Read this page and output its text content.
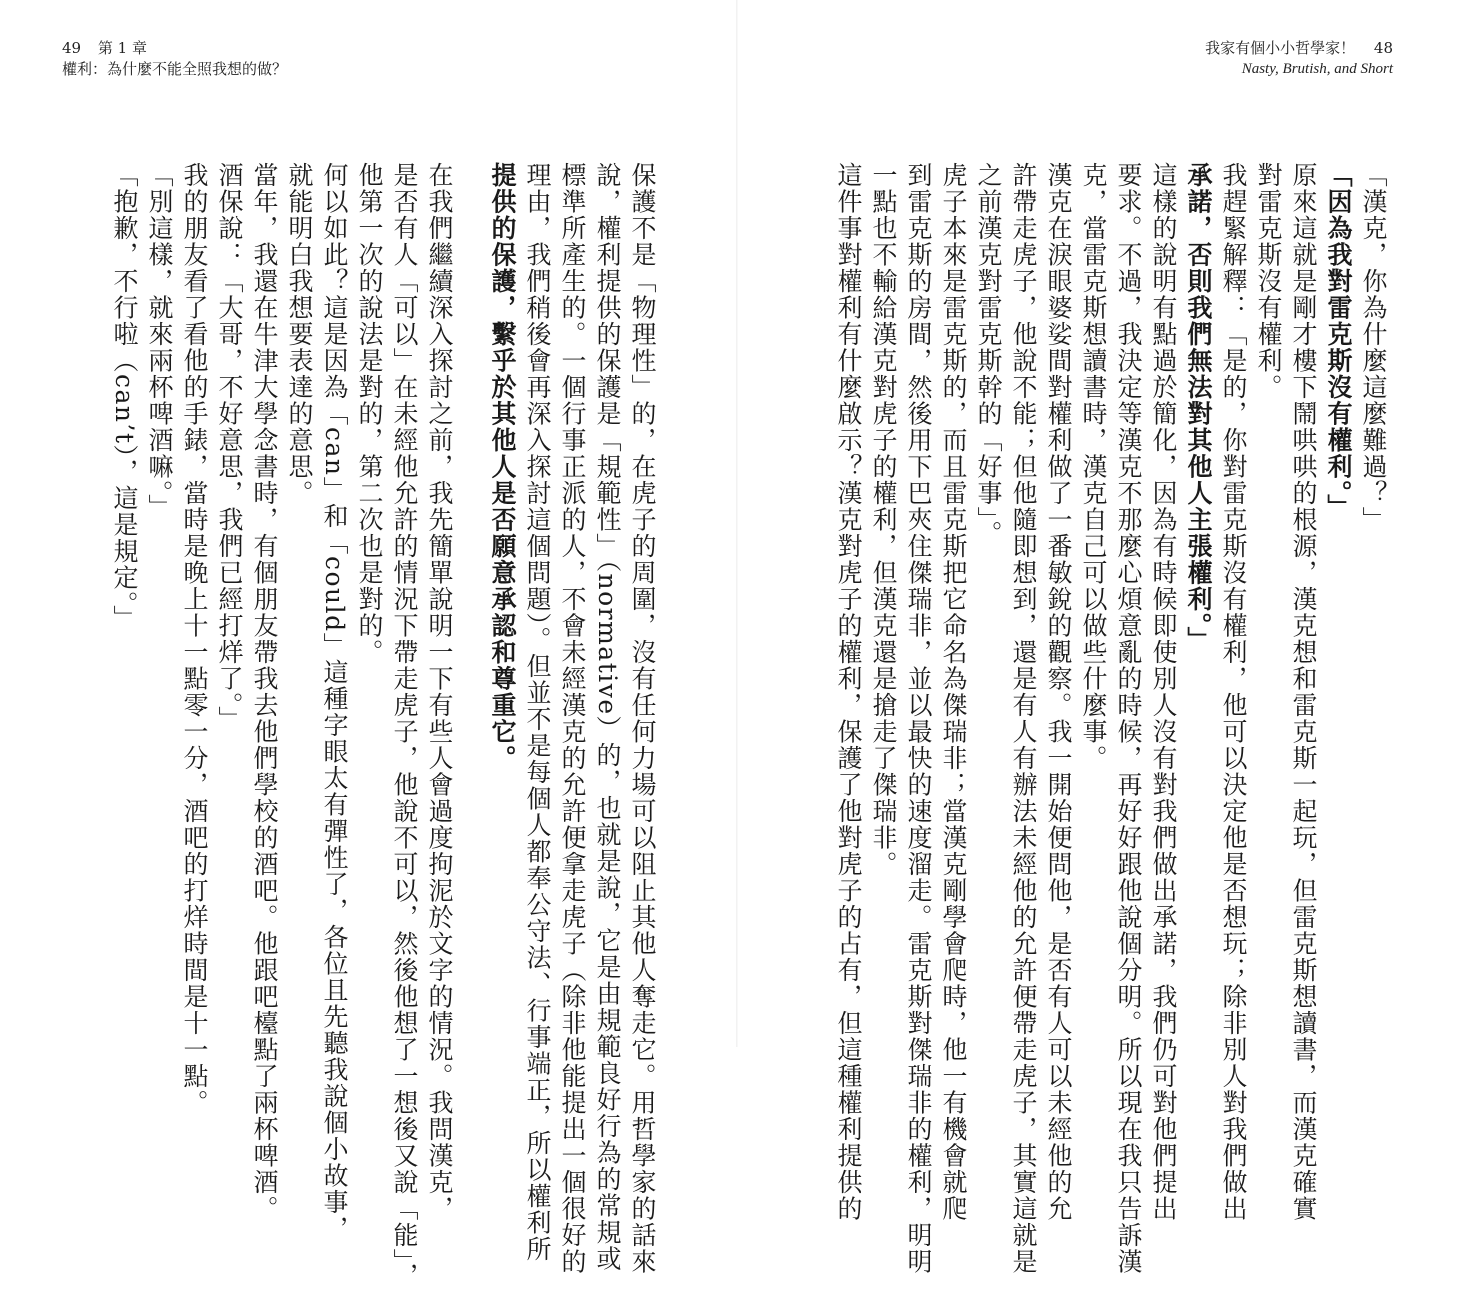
49 第 1 章
權利：為什麼不能全照我想的做？
我家有個小小哲學家！ 48
Nasty, Brutish, and Short

「漢克，你為什麼這麼難過？」

「因為我對雷克斯沒有權利。」

原來這就是剛才樓下鬧哄哄的根源，漢克想和雷克斯一起玩，但雷克斯想讀書，而漢克確實

對雷克斯沒有權利。

我趕緊解釋：「是的，你對雷克斯沒有權利，他可以決定他是否想玩；除非別人對我們做出

承諾，否則我們無法對其他人主張權利。」

這樣的說明有點過於簡化，因為有時候即使別人沒有對我們做出承諾，我們仍可對他們提出

要求。不過，我決定等漢克不那麼心煩意亂的時候，再好好跟他說個分明。所以現在我只告訴漢

克，當雷克斯想讀書時，漢克自己可以做些什麼事。

漢克在淚眼婆娑間對權利做了一番敏銳的觀察。我一開始便問他，是否有人可以未經他的允

許帶走虎子，他說不能；但他隨即想到，還是有人有辦法未經他的允許便帶走虎子，其實這就是

之前漢克對雷克斯幹的「好事」。

虎子本來是雷克斯的，而且雷克斯把它命名為傑瑞非；當漢克剛學會爬時，他一有機會就爬

到雷克斯的房間，然後用下巴夾住傑瑞非，並以最快的速度溜走。雷克斯對傑瑞非的權利，明明

一點也不輸給漢克對虎子的權利，但漢克還是搶走了傑瑞非。

這件事對權利有什麼啟示？漢克對虎子的權利，保護了他對虎子的占有，但這種權利提供的

保護不是「物理性」的，在虎子的周圍，沒有任何力場可以阻止其他人奪走它。用哲學家的話來

說，權利提供的保護是「規範性」（normative）的，也就是說，它是由規範良好行為的常規或

標準所產生的。一個行事正派的人，不會未經漢克的允許便拿走虎子（除非他能提出一個很好的

理由，我們稍後會再深入探討這個問題）。但並不是每個人都奉公守法、行事端正，所以權利所

提供的保護，繫乎於其他人是否願意承認和尊重它。

在我們繼續深入探討之前，我先簡單說明一下有些人會過度拘泥於文字的情況。我問漢克，

是否有人「可以」在未經他允許的情況下帶走虎子，他說不可以，然後他想了一想後又說「能」，

他第一次的說法是對的，第二次也是對的。

何以如此？這是因為「can」和「could」這種字眼太有彈性了，各位且先聽我說個小故事，

就能明白我想要表達的意思。

當年，我還在牛津大學念書時，有個朋友帶我去他們學校的酒吧。他跟吧檯點了兩杯啤酒。

酒保說：「大哥，不好意思，我們已經打烊了。」

我的朋友看了看他的手錶，當時是晚上十一點零一分，酒吧的打烊時間是十一點。

「別這樣，就來兩杯啤酒嘛。」

「抱歉，不行啦（can’t），這是規定。」
